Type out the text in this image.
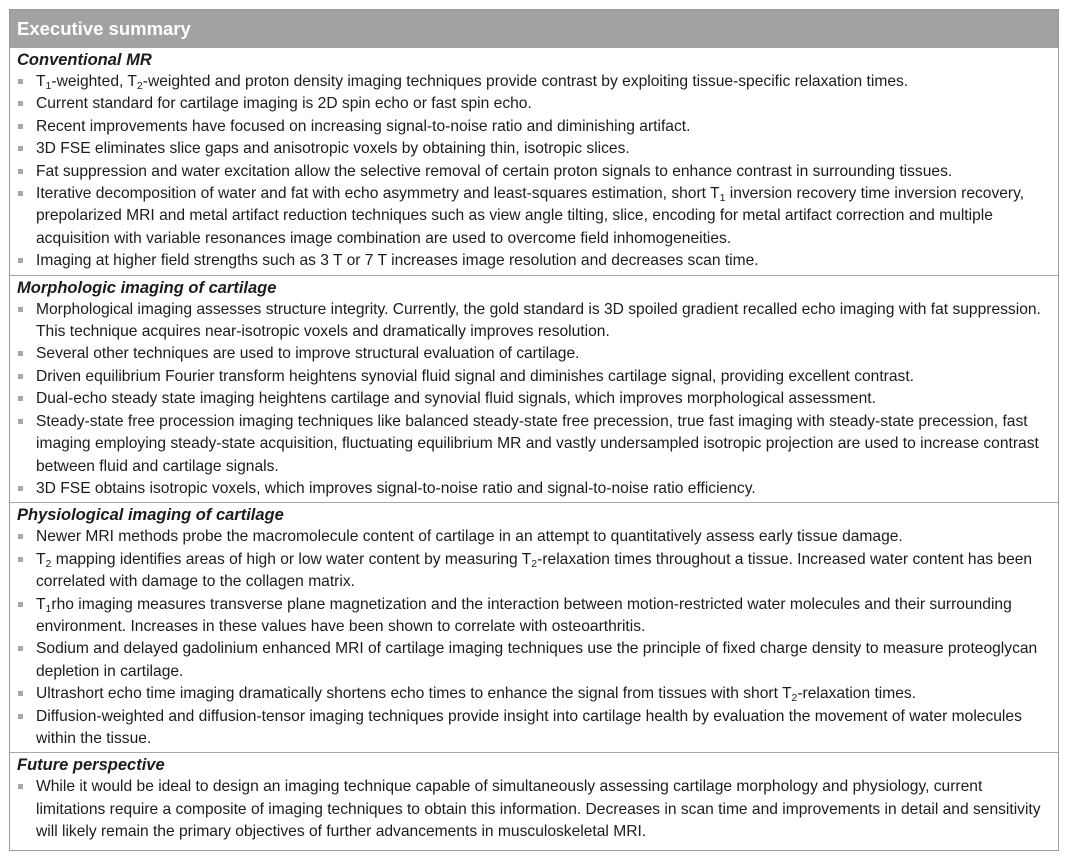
Executive summary
Conventional MR
$T_1$-weighted, $T_2$-weighted and proton density imaging techniques provide contrast by exploiting tissue-specific relaxation times.
Current standard for cartilage imaging is 2D spin echo or fast spin echo.
Recent improvements have focused on increasing signal-to-noise ratio and diminishing artifact.
3D FSE eliminates slice gaps and anisotropic voxels by obtaining thin, isotropic slices.
Fat suppression and water excitation allow the selective removal of certain proton signals to enhance contrast in surrounding tissues.
Iterative decomposition of water and fat with echo asymmetry and least-squares estimation, short $T_1$ inversion recovery time inversion recovery, prepolarized MRI and metal artifact reduction techniques such as view angle tilting, slice, encoding for metal artifact correction and multiple acquisition with variable resonances image combination are used to overcome field inhomogeneities.
Imaging at higher field strengths such as 3 T or 7 T increases image resolution and decreases scan time.
Morphologic imaging of cartilage
Morphological imaging assesses structure integrity. Currently, the gold standard is 3D spoiled gradient recalled echo imaging with fat suppression. This technique acquires near-isotropic voxels and dramatically improves resolution.
Several other techniques are used to improve structural evaluation of cartilage.
Driven equilibrium Fourier transform heightens synovial fluid signal and diminishes cartilage signal, providing excellent contrast.
Dual-echo steady state imaging heightens cartilage and synovial fluid signals, which improves morphological assessment.
Steady-state free procession imaging techniques like balanced steady-state free precession, true fast imaging with steady-state precession, fast imaging employing steady-state acquisition, fluctuating equilibrium MR and vastly undersampled isotropic projection are used to increase contrast between fluid and cartilage signals.
3D FSE obtains isotropic voxels, which improves signal-to-noise ratio and signal-to-noise ratio efficiency.
Physiological imaging of cartilage
Newer MRI methods probe the macromolecule content of cartilage in an attempt to quantitatively assess early tissue damage.
$T_2$ mapping identifies areas of high or low water content by measuring $T_2$-relaxation times throughout a tissue. Increased water content has been correlated with damage to the collagen matrix.
$T_1rho$ imaging measures transverse plane magnetization and the interaction between motion-restricted water molecules and their surrounding environment. Increases in these values have been shown to correlate with osteoarthritis.
Sodium and delayed gadolinium enhanced MRI of cartilage imaging techniques use the principle of fixed charge density to measure proteoglycan depletion in cartilage.
Ultrashort echo time imaging dramatically shortens echo times to enhance the signal from tissues with short $T_2$-relaxation times.
Diffusion-weighted and diffusion-tensor imaging techniques provide insight into cartilage health by evaluation the movement of water molecules within the tissue.
Future perspective
While it would be ideal to design an imaging technique capable of simultaneously assessing cartilage morphology and physiology, current limitations require a composite of imaging techniques to obtain this information. Decreases in scan time and improvements in detail and sensitivity will likely remain the primary objectives of further advancements in musculoskeletal MRI.
